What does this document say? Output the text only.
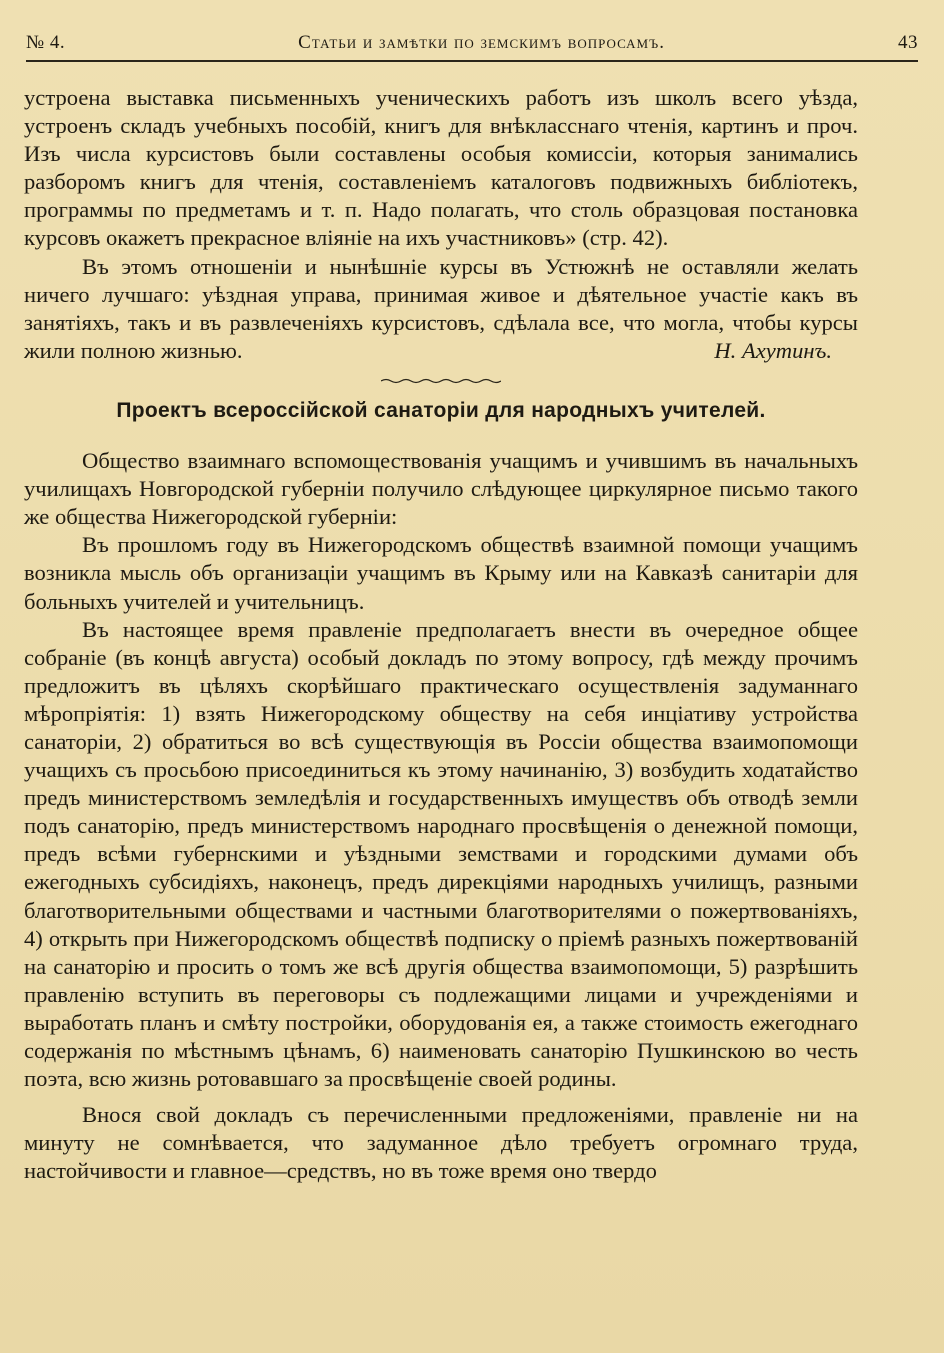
№ 4.	Статьи и замѣтки по земскимъ вопросамъ.	43

устроена выставка письменныхъ ученическихъ работъ изъ школъ всего уѣзда, устроенъ складъ учебныхъ пособій, книгъ для внѣкласснаго чтенія, картинъ и проч. Изъ числа курсистовъ были составлены особыя комиссіи, которыя занимались разборомъ книгъ для чтенія, составленіемъ каталоговъ подвижныхъ библіотекъ, программы по предметамъ и т. п. Надо полагать, что столь образцовая постановка курсовъ окажетъ прекрасное вліяніе на ихъ участниковъ» (стр. 42).

Въ этомъ отношеніи и нынѣшніе курсы въ Устюжнѣ не оставляли желать ничего лучшаго: уѣздная управа, принимая живое и дѣятельное участіе какъ въ занятіяхъ, такъ и въ развлеченіяхъ курсистовъ, сдѣлала все, что могла, чтобы курсы жили полною жизнью.	Н. Ахутинъ.

Проектъ всероссійской санаторіи для народныхъ учителей.

Общество взаимнаго вспомоществованія учащимъ и учившимъ въ начальныхъ училищахъ Новгородской губерніи получило слѣдующее циркулярное письмо такого же общества Нижегородской губерніи:

Въ прошломъ году въ Нижегородскомъ обществѣ взаимной помощи учащимъ возникла мысль объ организаціи учащимъ въ Крыму или на Кавказѣ санитаріи для больныхъ учителей и учительницъ.

Въ настоящее время правленіе предполагаетъ внести въ очередное общее собраніе (въ концѣ августа) особый докладъ по этому вопросу, гдѣ между прочимъ предложитъ въ цѣляхъ скорѣйшаго практическаго осуществленія задуманнаго мѣропріятія: 1) взять Нижегородскому обществу на себя инціативу устройства санаторіи, 2) обратиться во всѣ существующія въ Россіи общества взаимопомощи учащихъ съ просьбою присоединиться къ этому начинанію, 3) возбудить ходатайство предъ министерствомъ земледѣлія и государственныхъ имуществъ объ отводѣ земли подъ санаторію, предъ министерствомъ народнаго просвѣщенія о денежной помощи, предъ всѣми губернскими и уѣздными земствами и городскими думами объ ежегодныхъ субсидіяхъ, наконецъ, предъ дирекціями народныхъ училищъ, разными благотворительными обществами и частными благотворителями о пожертвованіяхъ, 4) открыть при Нижегородскомъ обществѣ подписку о пріемѣ разныхъ пожертвованій на санаторію и просить о томъ же всѣ другія общества взаимопомощи, 5) разрѣшить правленію вступить въ переговоры съ подлежащими лицами и учрежденіями и выработать планъ и смѣту постройки, оборудованія ея, а также стоимость ежегоднаго содержанія по мѣстнымъ цѣнамъ, 6) наименовать санаторію Пушкинскою во честь поэта, всю жизнь ротовавшаго за просвѣщеніе своей родины.

Внося свой докладъ съ перечисленными предложеніями, правленіе ни на минуту не сомнѣвается, что задуманное дѣло требуетъ огромнаго труда, настойчивости и главное—средствъ, но въ тоже время оно твердо
